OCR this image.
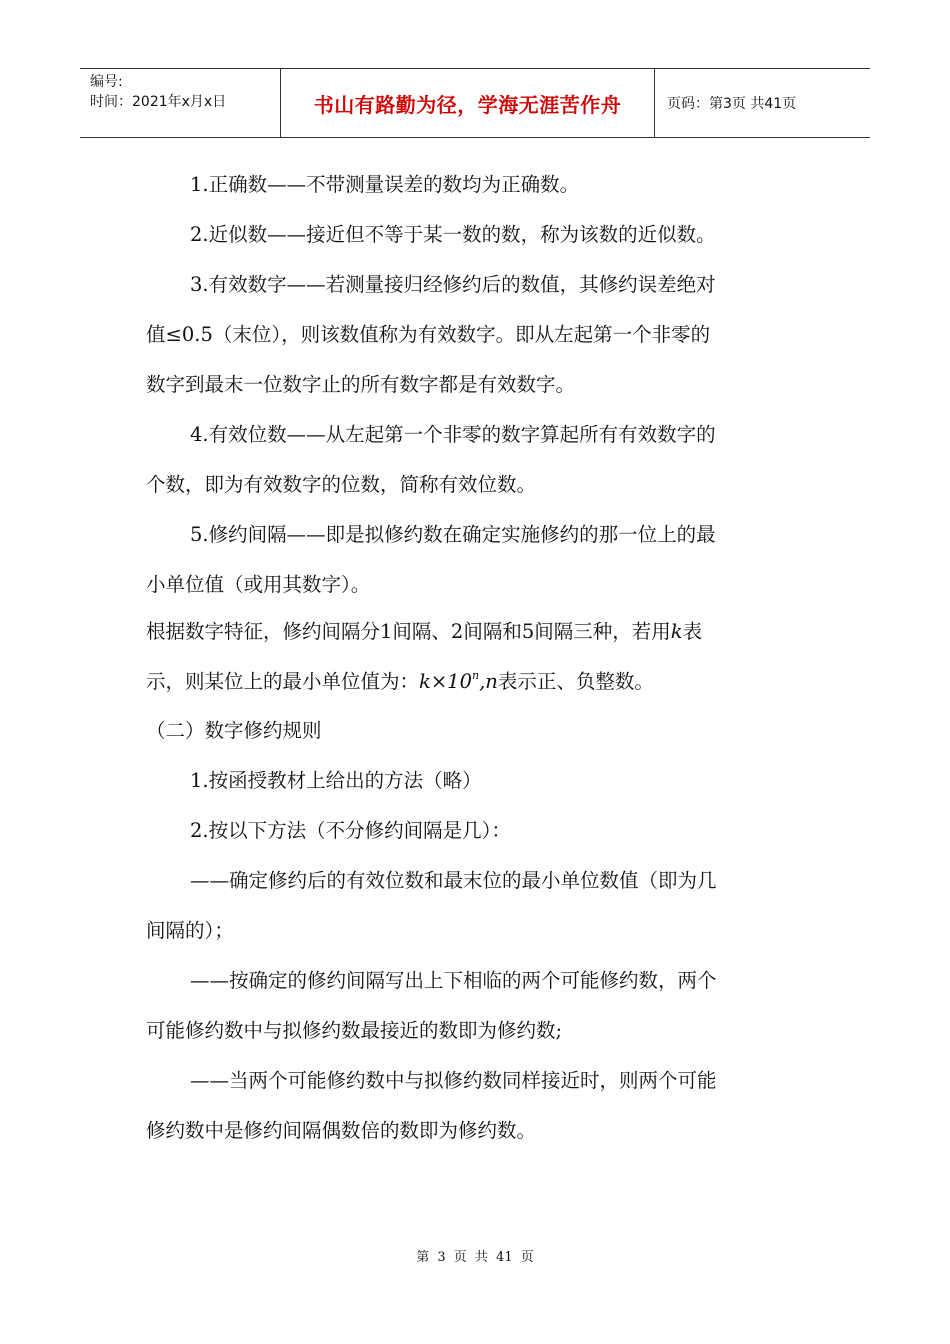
编号:
时间：2021年x月x日	书山有路勤为径，学海无涯苦作舟	页码：第3页 共41页

1.正确数——不带测量误差的数均为正确数。

2.近似数——接近但不等于某一数的数，称为该数的近似数。

3.有效数字——若测量接归经修约后的数值，其修约误差绝对

值≤0.5（末位），则该数值称为有效数字。即从左起第一个非零的

数字到最末一位数字止的所有数字都是有效数字。

4.有效位数——从左起第一个非零的数字算起所有有效数字的

个数，即为有效数字的位数，简称有效位数。

5.修约间隔——即是拟修约数在确定实施修约的那一位上的最

小单位值（或用其数字）。

根据数字特征，修约间隔分1间隔、2间隔和5间隔三种，若用k表

示，则某位上的最小单位值为：$k\times 10^n,n$表示正、负整数。

（二）数字修约规则

1.按函授教材上给出的方法（略）

2.按以下方法（不分修约间隔是几）：

——确定修约后的有效位数和最末位的最小单位数值（即为几

间隔的）；

——按确定的修约间隔写出上下相临的两个可能修约数，两个

可能修约数中与拟修约数最接近的数即为修约数;

——当两个可能修约数中与拟修约数同样接近时，则两个可能

修约数中是修约间隔偶数倍的数即为修约数。

第 3 页 共 41 页
